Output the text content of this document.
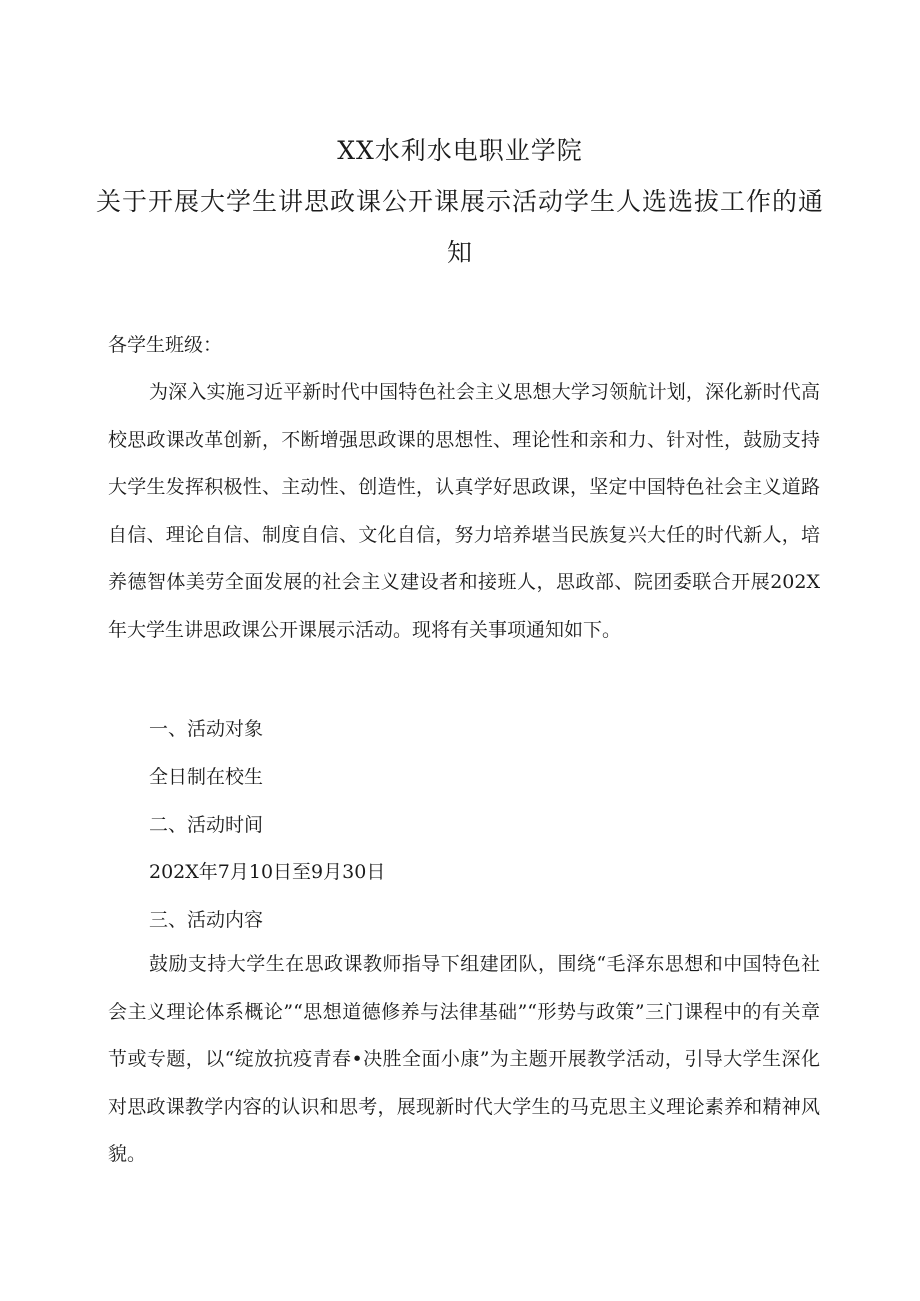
XX水利水电职业学院
关于开展大学生讲思政课公开课展示活动学生人选选拔工作的通
知
各学生班级：

为深入实施习近平新时代中国特色社会主义思想大学习领航计划，深化新时代高校思政课改革创新，不断增强思政课的思想性、理论性和亲和力、针对性，鼓励支持大学生发挥积极性、主动性、创造性，认真学好思政课，坚定中国特色社会主义道路自信、理论自信、制度自信、文化自信，努力培养堪当民族复兴大任的时代新人，培养德智体美劳全面发展的社会主义建设者和接班人，思政部、院团委联合开展202X年大学生讲思政课公开课展示活动。现将有关事项通知如下。

一、活动对象
全日制在校生
二、活动时间
202X年7月10日至9月30日
三、活动内容

鼓励支持大学生在思政课教师指导下组建团队，围绕“毛泽东思想和中国特色社会主义理论体系概论”“思想道德修养与法律基础”“形势与政策”三门课程中的有关章节或专题，以“绽放抗疫青春•决胜全面小康”为主题开展教学活动，引导大学生深化对思政课教学内容的认识和思考，展现新时代大学生的马克思主义理论素养和精神风貌。
